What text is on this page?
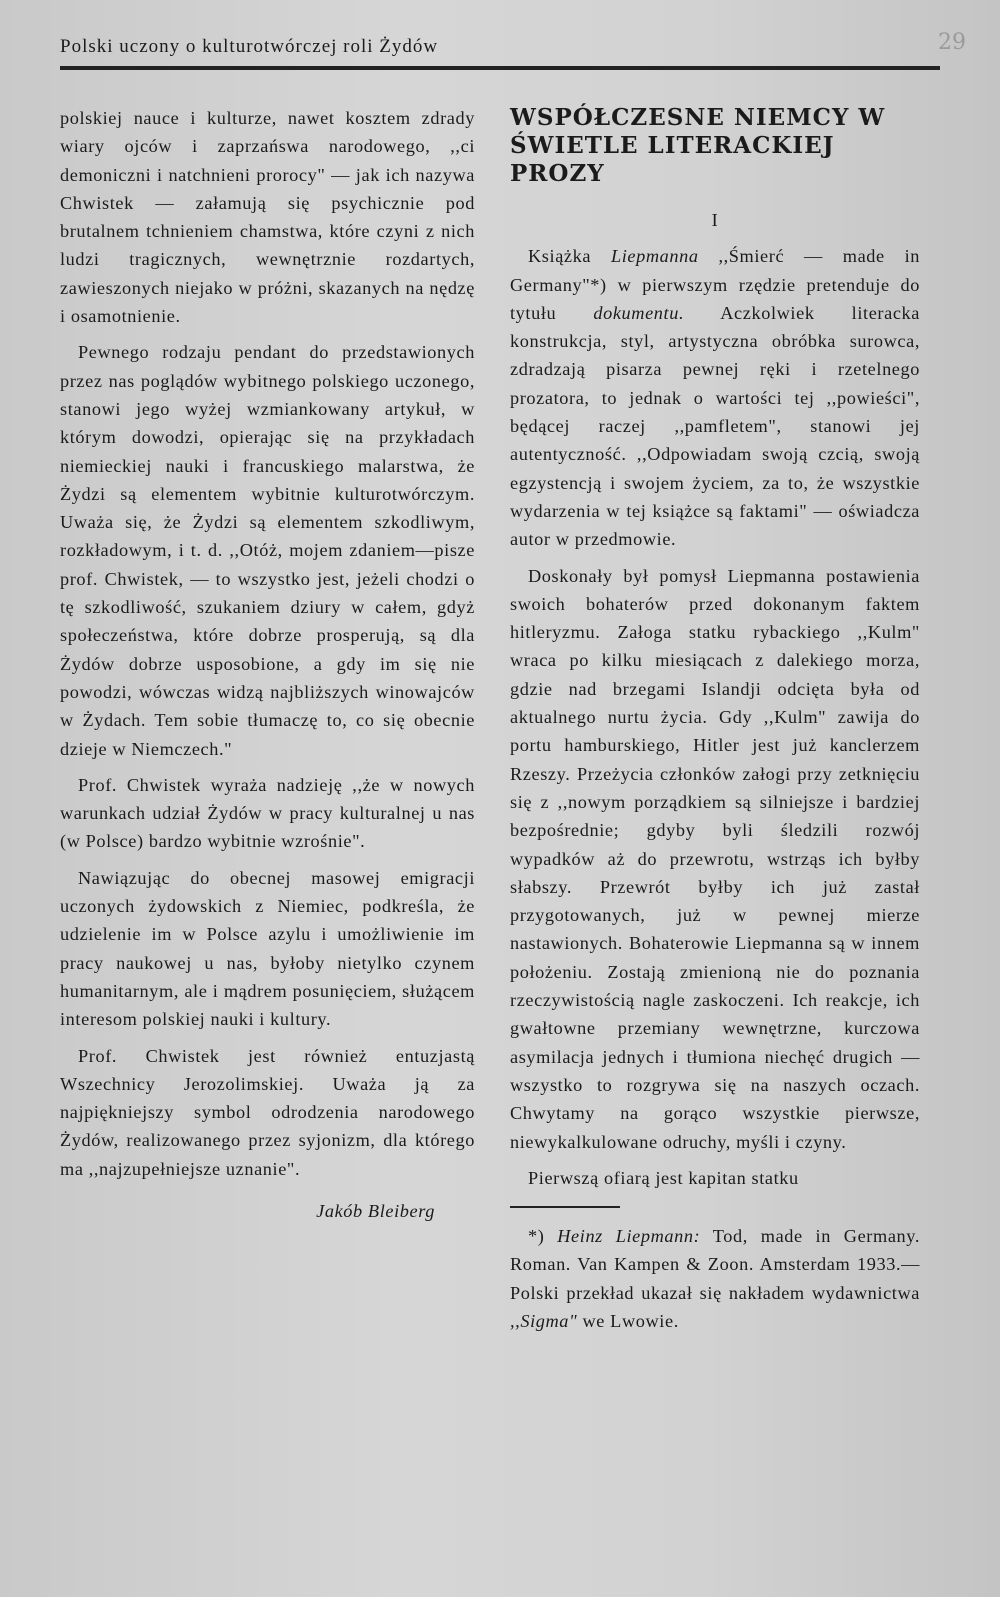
Polski uczony o kulturotwórczej roli Żydów	29

polskiej nauce i kulturze, nawet kosztem zdrady wiary ojców i zaprzańswa narodowego, ,,ci demoniczni i natchnieni prorocy" — jak ich nazywa Chwistek — załamują się psychicznie pod brutalnem tchnieniem chamstwa, które czyni z nich ludzi tragicznych, wewnętrznie rozdartych, zawieszonych niejako w próżni, skazanych na nędzę i osamotnienie.

Pewnego rodzaju pendant do przedstawionych przez nas poglądów wybitnego polskiego uczonego, stanowi jego wyżej wzmiankowany artykuł, w którym dowodzi, opierając się na przykładach niemieckiej nauki i francuskiego malarstwa, że Żydzi są elementem wybitnie kulturotwórczym. Uważa się, że Żydzi są elementem szkodliwym, rozkładowym, i t. d. ,,Otóż, mojem zdaniem—pisze prof. Chwistek, — to wszystko jest, jeżeli chodzi o tę szkodliwość, szukaniem dziury w całem, gdyż społeczeństwa, które dobrze prosperują, są dla Żydów dobrze usposobione, a gdy im się nie powodzi, wówczas widzą najbliższych winowajców w Żydach. Tem sobie tłumaczę to, co się obecnie dzieje w Niemczech."

Prof. Chwistek wyraża nadzieję ,,że w nowych warunkach udział Żydów w pracy kulturalnej u nas (w Polsce) bardzo wybitnie wzrośnie".

Nawiązując do obecnej masowej emigracji uczonych żydowskich z Niemiec, podkreśla, że udzielenie im w Polsce azylu i umożliwienie im pracy naukowej u nas, byłoby nietylko czynem humanitarnym, ale i mądrem posunięciem, służącem interesom polskiej nauki i kultury.

Prof. Chwistek jest również entuzjastą Wszechnicy Jerozolimskiej. Uważa ją za najpiękniejszy symbol odrodzenia narodowego Żydów, realizowanego przez syjonizm, dla którego ma ,,najzupełniejsze uznanie".

Jakób Bleiberg
WSPÓŁCZESNE NIEMCY W ŚWIETLE LITERACKIEJ PROZY
I

Książka Liepmanna ,,Śmierć — made in Germany"*) w pierwszym rzędzie pretenduje do tytułu dokumentu. Aczkolwiek literacka konstrukcja, styl, artystyczna obróbka surowca, zdradzają pisarza pewnej ręki i rzetelnego prozatora, to jednak o wartości tej ,,powieści", będącej raczej ,,pamfletem", stanowi jej autentyczność. ,,Odpowiadam swoją czcią, swoją egzystencją i swojem życiem, za to, że wszystkie wydarzenia w tej książce są faktami" — oświadcza autor w przedmowie.

Doskonały był pomysł Liepmanna postawienia swoich bohaterów przed dokonanym faktem hitleryzmu. Załoga statku rybackiego ,,Kulm" wraca po kilku miesiącach z dalekiego morza, gdzie nad brzegami Islandji odcięta była od aktualnego nurtu życia. Gdy ,,Kulm" zawija do portu hamburskiego, Hitler jest już kanclerzem Rzeszy. Przeżycia członków załogi przy zetknięciu się z ,,nowym porządkiem są silniejsze i bardziej bezpośrednie; gdyby byli śledzili rozwój wypadków aż do przewrotu, wstrząs ich byłby słabszy. Przewrót byłby ich już zastał przygotowanych, już w pewnej mierze nastawionych. Bohaterowie Liepmanna są w innem położeniu. Zostają zmienioną nie do poznania rzeczywistością nagle zaskoczeni. Ich reakcje, ich gwałtowne przemiany wewnętrzne, kurczowa asymilacja jednych i tłumiona niechęć drugich — wszystko to rozgrywa się na naszych oczach. Chwytamy na gorąco wszystkie pierwsze, niewykalkulowane odruchy, myśli i czyny.

Pierwszą ofiarą jest kapitan statku

*) Heinz Liepmann: Tod, made in Germany. Roman. Van Kampen & Zoon. Amsterdam 1933.—Polski przekład ukazał się nakładem wydawnictwa ,,Sigma" we Lwowie.
